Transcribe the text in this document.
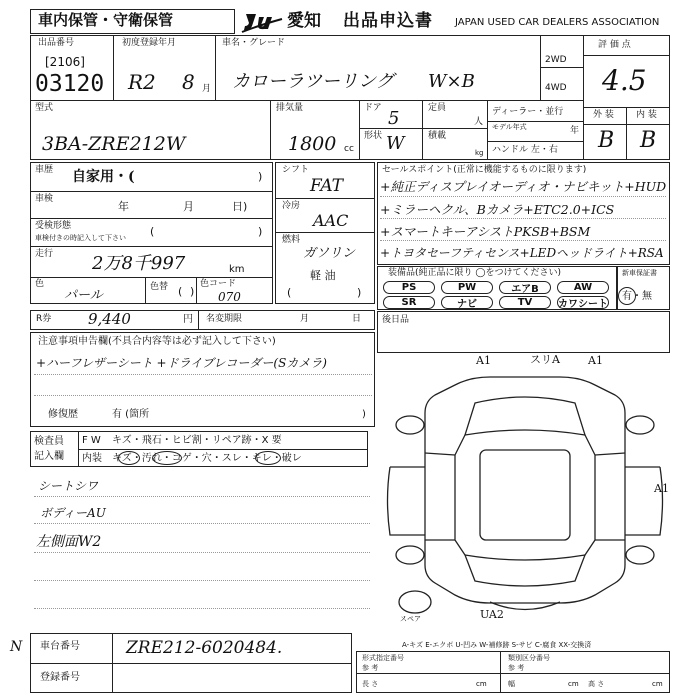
車内保管・守衛保管	愛知 出品申込書 JAPAN USED CAR DEALERS ASSOCIATION
出品番号
[2106]
03120
初度登録年月
R2 8 月
車名・グレード
カローラツーリング W×B
2WD
4WD
評 価 点
4.5
型式
3BA-ZRE212W
排気量
1800 cc
ドア 5
形状 W
定員
人
積載
kg
ディーラー・並行
モデル年式	年
ハンドル 左・右
外 装 内 装
B B
車歴 自家用・(	)
車検
年	月	日)
受検形態
車検付きの時記入して下さい (	)
走行 2万8千997	km
色
パール
色替 ( )
色コード
070
シフト
FAT
冷房
AAC
燃料
ガソリン
軽 油
(	)
セールスポイント(正常に機能するものに限ります)
+純正ディスプレイオーディオ・ナビキット+HUD
+ミラーヘクル、Bカメラ+ETC2.0+ICS
+スマートキーアシストPKSB+BSM
+トヨタセーフティセンス+LEDヘッドライト+RSA
装備品(純正品に限り ◯をつけてください)
PS	PW	エアB	AW
SR	ナビ	TV	カワシート
新車保証書
有・無
R券 9,440	円 名変期限	月	日
注意事項申告欄(不具合内容等は必ず記入して下さい)
+ハーフレザーシート +ドライブレコーダー(Sカメラ)
修復歴	有 (箇所	)
後日品
検査員
記入欄
F W キズ・飛石・ヒビ割・リペア跡・X 要
内装 キズ・汚れ・コゲ・穴・スレ・キレ・破レ
シートシワ
ボディーAU
左側面W2
A1	スリA	A1
A1
UA2
スペア
A-キズ E-エクボ U-凹み W-補修跡 S-サビ C-腐食 XX-交換済
形式指定番号	類別区分番号
参 考	参 考
長 さ	cm	幅	cm 高 さ	cm
N 車台番号	ZRE212-6020484.
登録番号
